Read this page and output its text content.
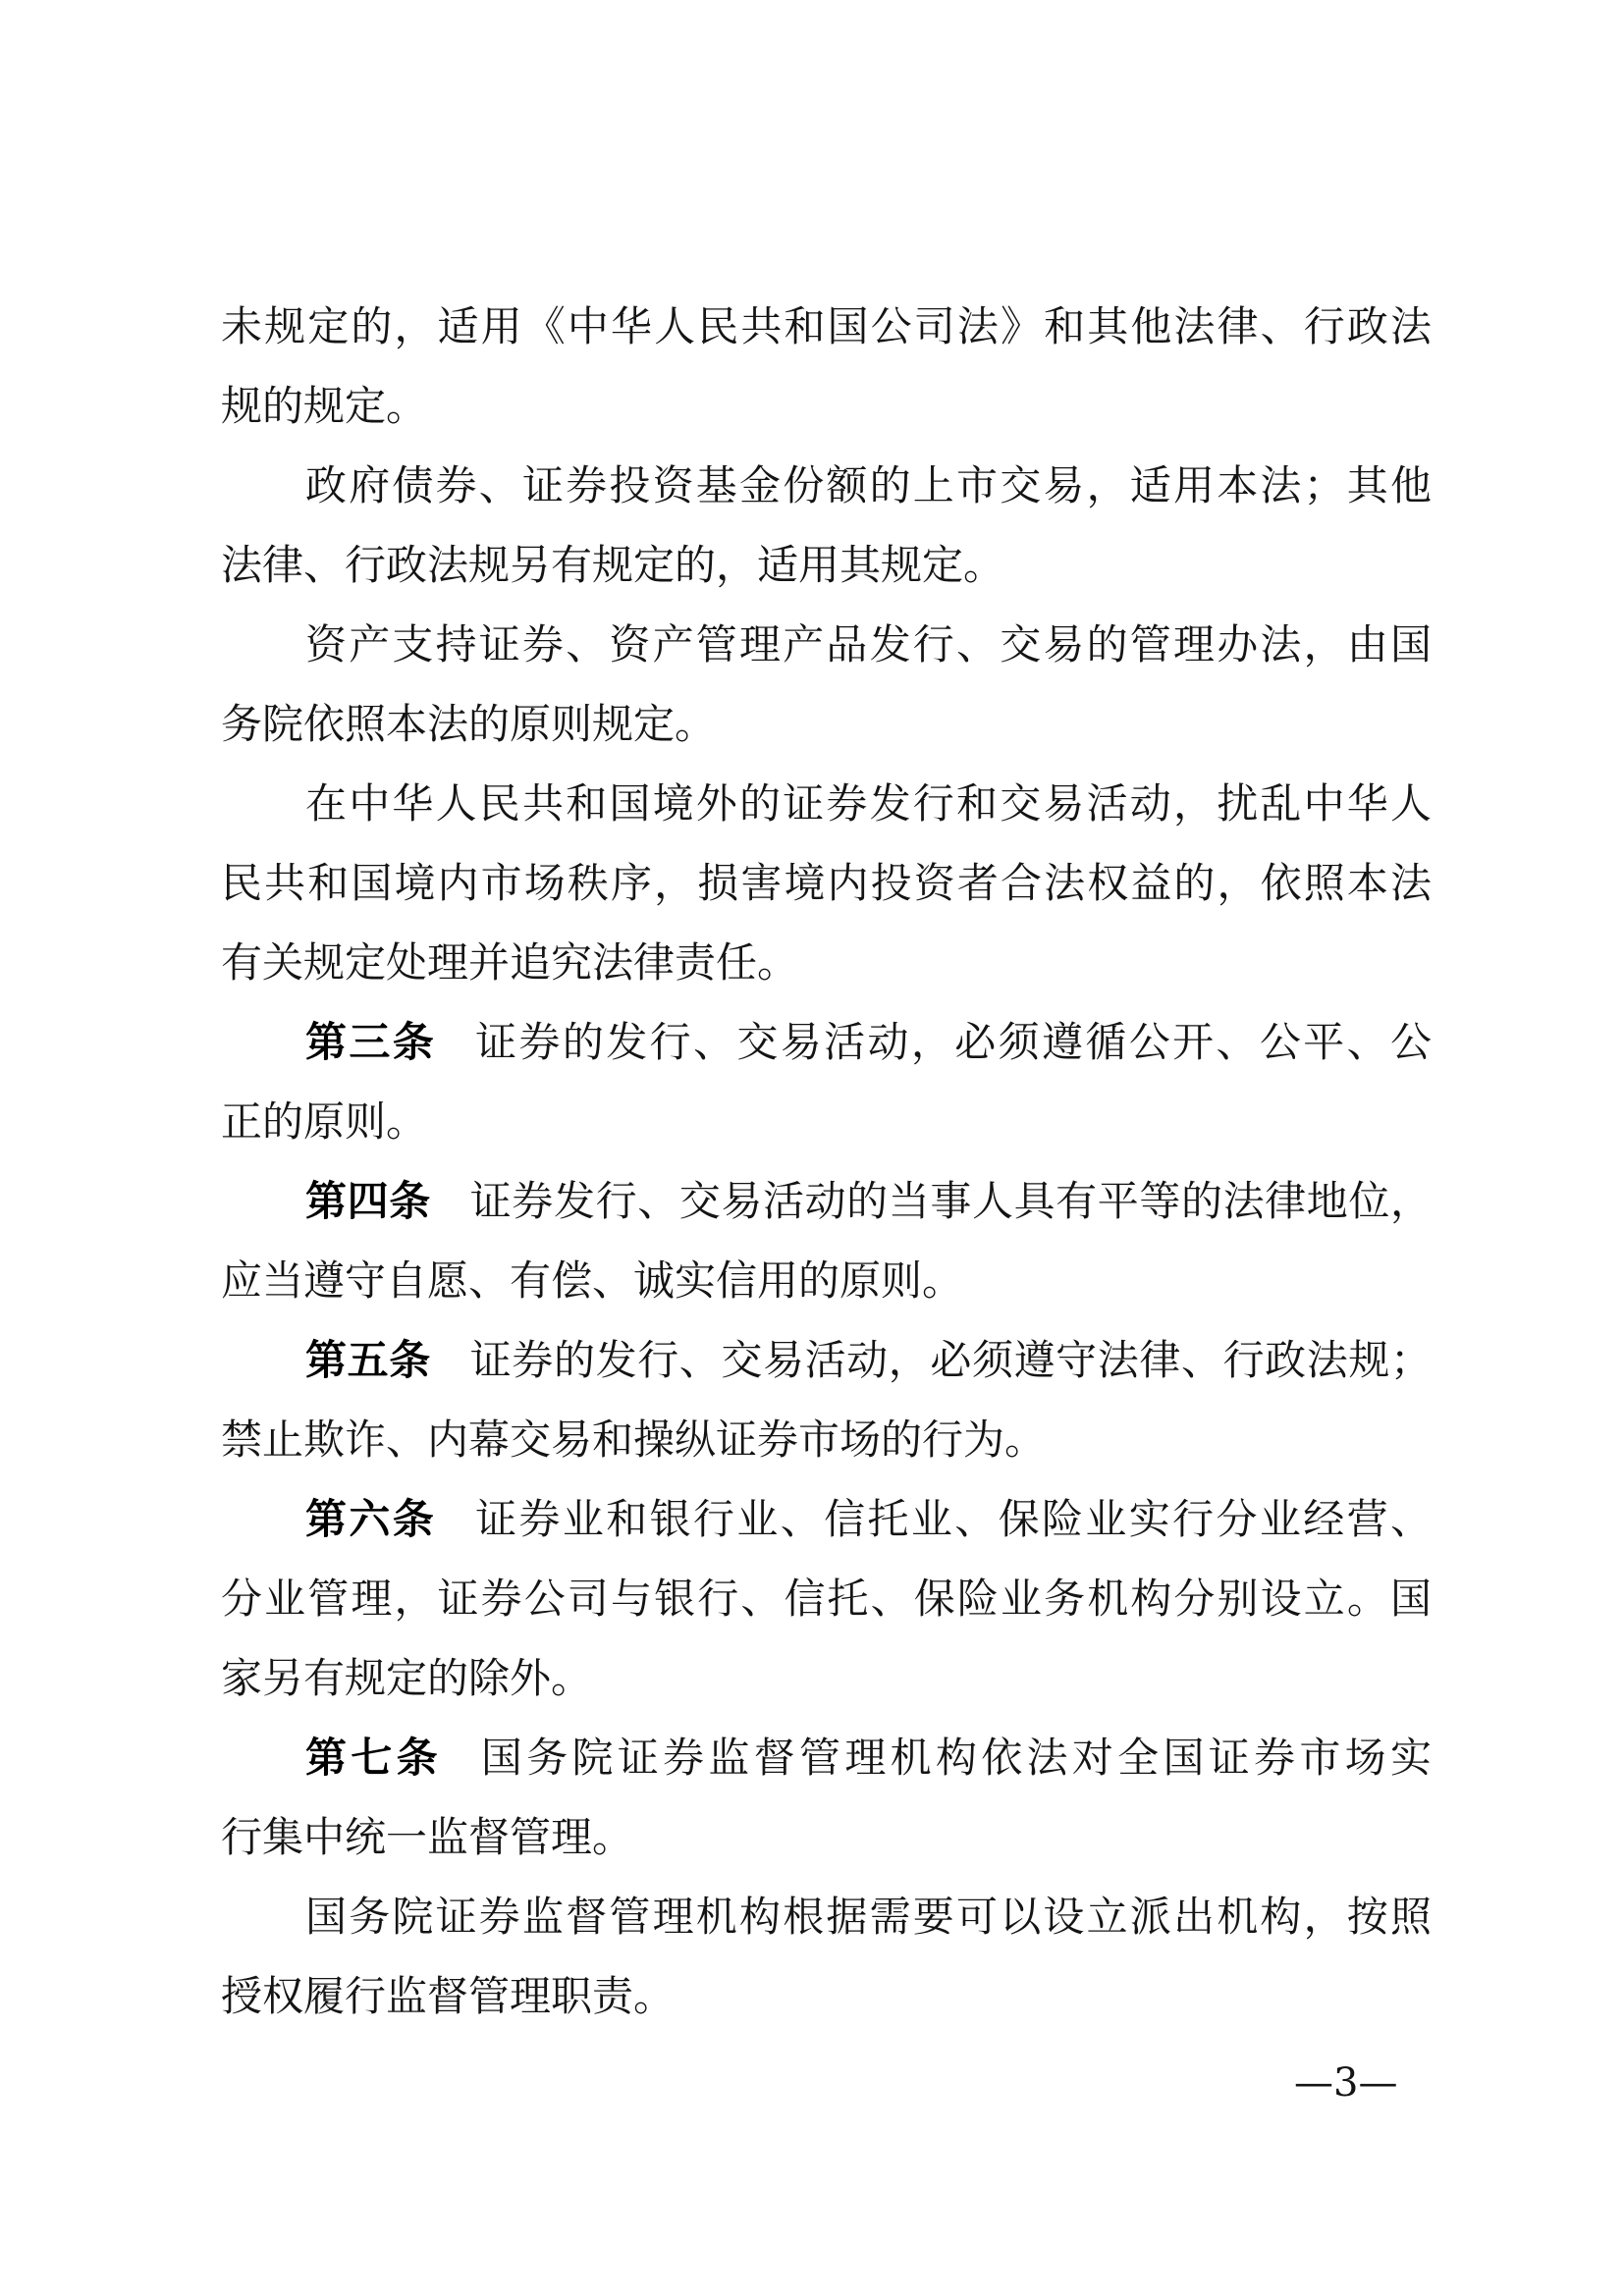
未规定的，适用《中华人民共和国公司法》和其他法律、行政法
规的规定。
政府债券、证券投资基金份额的上市交易，适用本法；其他
法律、行政法规另有规定的，适用其规定。
资产支持证券、资产管理产品发行、交易的管理办法，由国
务院依照本法的原则规定。
在中华人民共和国境外的证券发行和交易活动，扰乱中华人
民共和国境内市场秩序，损害境内投资者合法权益的，依照本法
有关规定处理并追究法律责任。
第三条 证券的发行、交易活动，必须遵循公开、公平、公
正的原则。
第四条 证券发行、交易活动的当事人具有平等的法律地位，
应当遵守自愿、有偿、诚实信用的原则。
第五条 证券的发行、交易活动，必须遵守法律、行政法规；
禁止欺诈、内幕交易和操纵证券市场的行为。
第六条 证券业和银行业、信托业、保险业实行分业经营、
分业管理，证券公司与银行、信托、保险业务机构分别设立。国
家另有规定的除外。
第七条 国务院证券监督管理机构依法对全国证券市场实
行集中统一监督管理。
国务院证券监督管理机构根据需要可以设立派出机构，按照
授权履行监督管理职责。
—3—
